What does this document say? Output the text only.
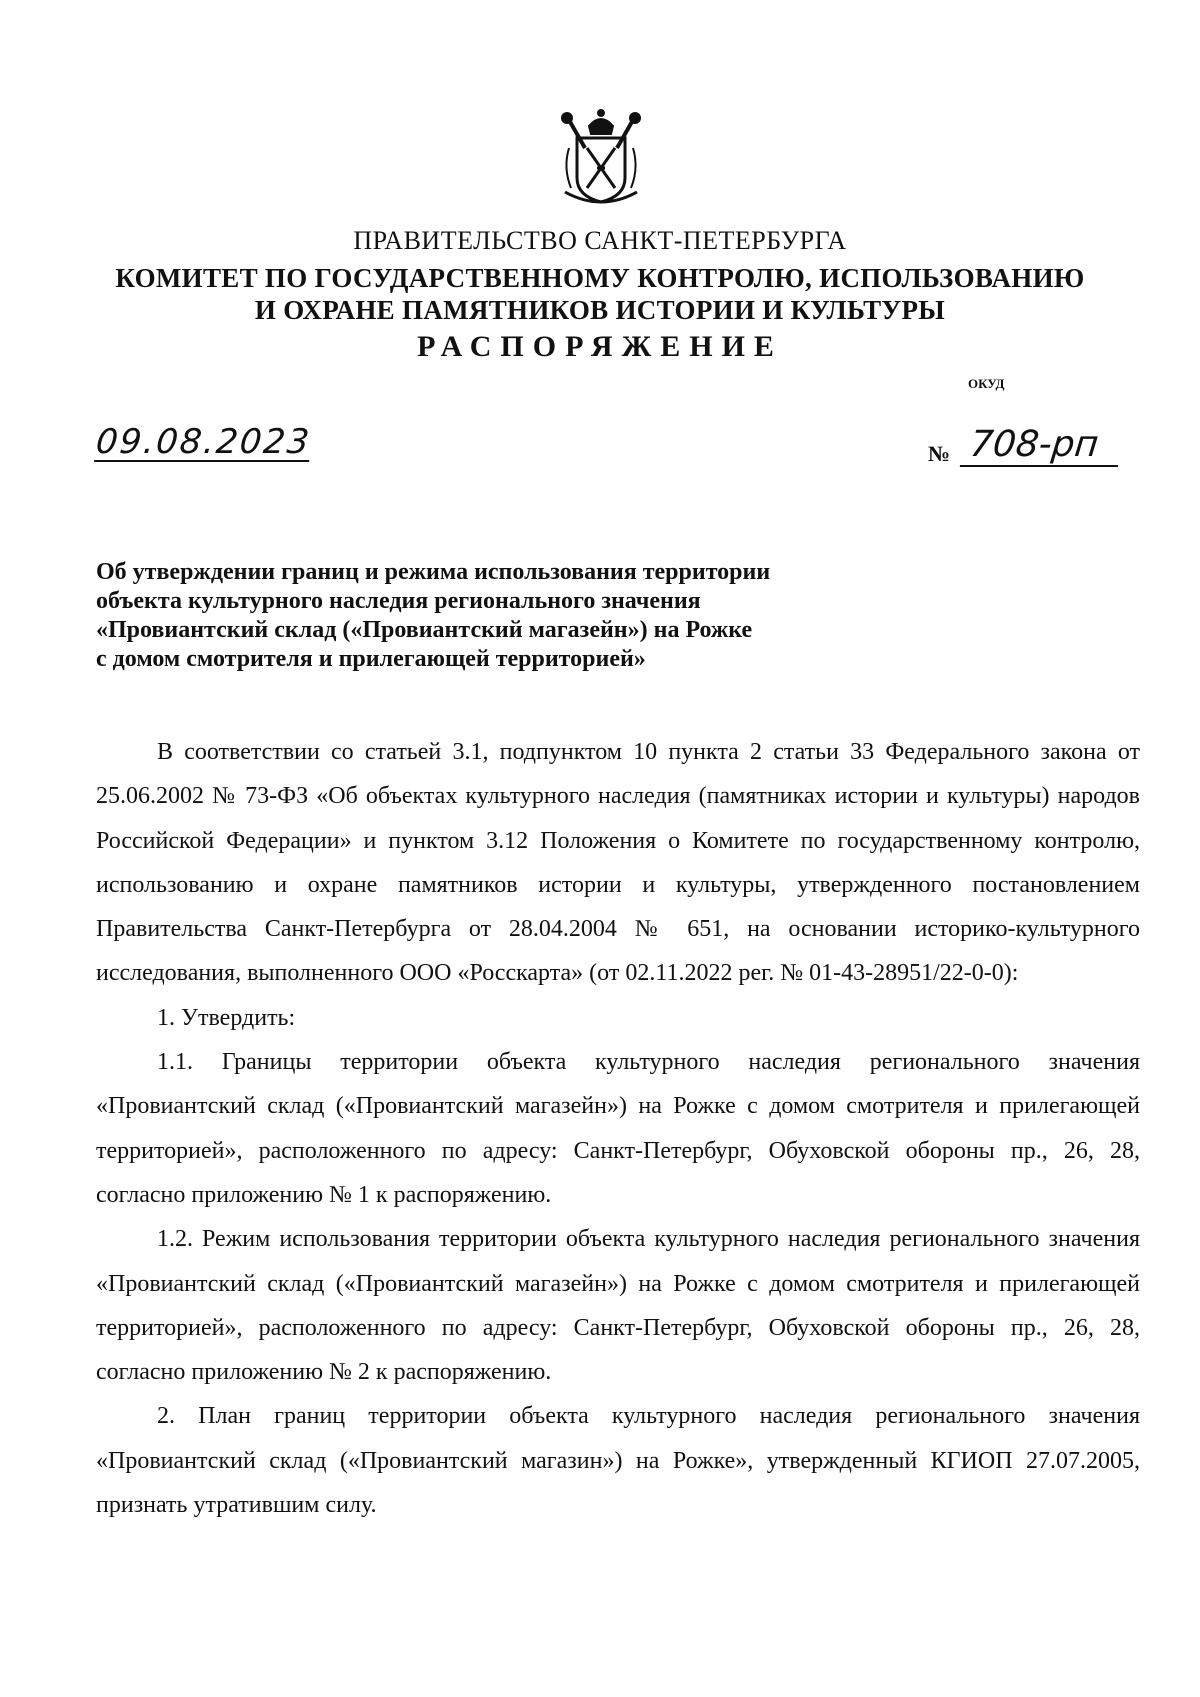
ПРАВИТЕЛЬСТВО САНКТ-ПЕТЕРБУРГА
КОМИТЕТ ПО ГОСУДАРСТВЕННОМУ КОНТРОЛЮ, ИСПОЛЬЗОВАНИЮ
И ОХРАНЕ ПАМЯТНИКОВ ИСТОРИИ И КУЛЬТУРЫ
РАСПОРЯЖЕНИЕ
ОКУД
09.08.2023	№ 708-рп
Об утверждении границ и режима использования территории
объекта культурного наследия регионального значения
«Провиантский склад («Провиантский магазейн») на Рожке
с домом смотрителя и прилегающей территорией»
В соответствии со статьей 3.1, подпунктом 10 пункта 2 статьи 33 Федерального закона от
25.06.2002 № 73-ФЗ «Об объектах культурного наследия (памятниках истории и культуры) народов
Российской Федерации» и пунктом 3.12 Положения о Комитете по государственному контролю,
использованию и охране памятников истории и культуры, утвержденного постановлением
Правительства Санкт-Петербурга от 28.04.2004 № 651, на основании историко-культурного
исследования, выполненного ООО «Росскарта» (от 02.11.2022 рег. № 01-43-28951/22-0-0):
1. Утвердить:
1.1. Границы территории объекта культурного наследия регионального значения
«Провиантский склад («Провиантский магазейн») на Рожке с домом смотрителя и прилегающей
территорией», расположенного по адресу: Санкт-Петербург, Обуховской обороны пр., 26, 28,
согласно приложению № 1 к распоряжению.
1.2. Режим использования территории объекта культурного наследия регионального значения
«Провиантский склад («Провиантский магазейн») на Рожке с домом смотрителя и прилегающей
территорией», расположенного по адресу: Санкт-Петербург, Обуховской обороны пр., 26, 28,
согласно приложению № 2 к распоряжению.
2. План границ территории объекта культурного наследия регионального значения
«Провиантский склад («Провиантский магазин») на Рожке», утвержденный КГИОП 27.07.2005,
признать утратившим силу.
